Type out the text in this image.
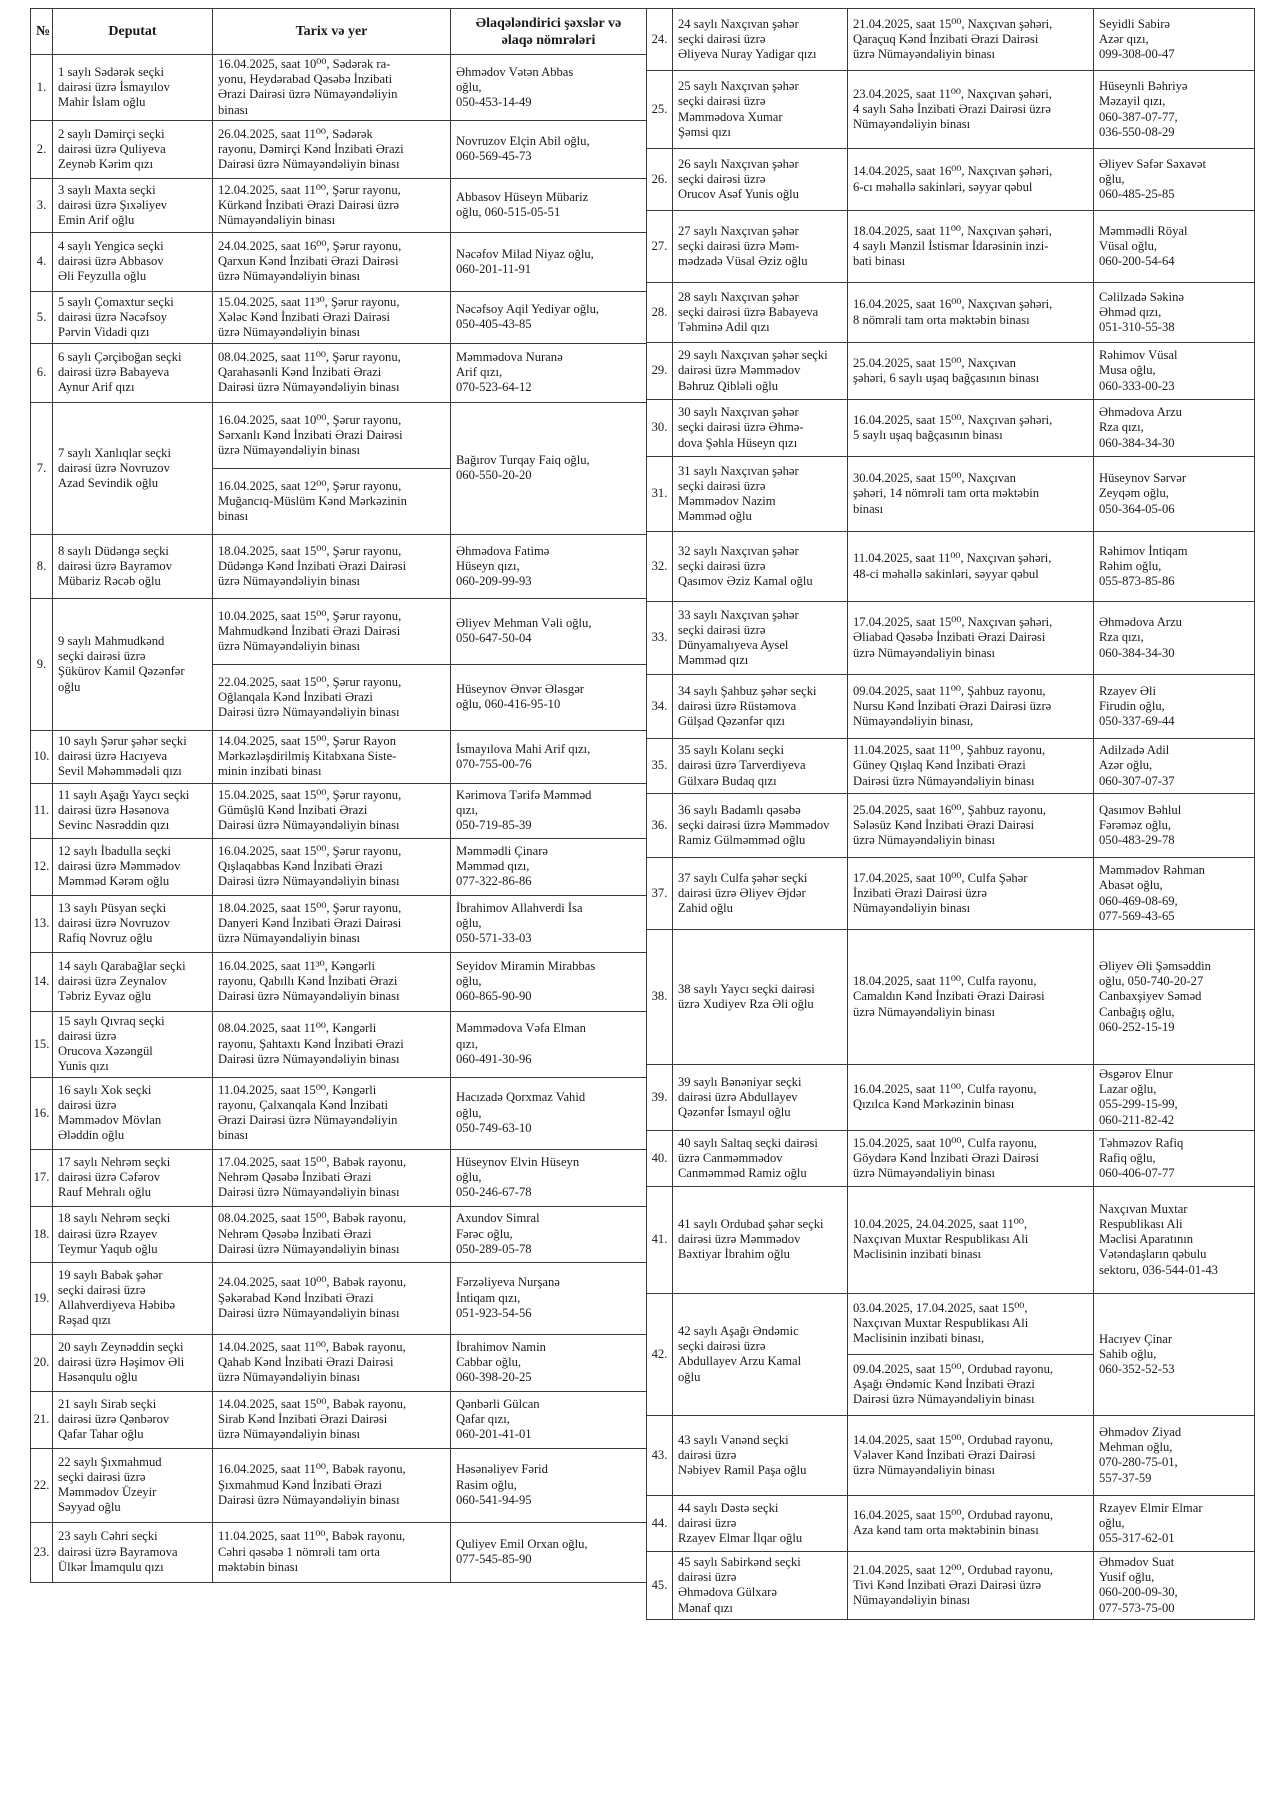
№	Deputat	Tarix və yer	Əlaqələndirici şəxslər və
əlaqə nömrələri
1.	1 saylı Sədərək seçki
dairəsi üzrə İsmayılov
Mahir İslam oğlu	16.04.2025, saat 10⁰⁰, Sədərək ra-
yonu, Heydərabad Qəsəbə İnzibati
Ərazi Dairəsi üzrə Nümayəndəliyin
binası	Əhmədov Vətən Abbas
oğlu,
050-453-14-49
2.	2 saylı Dəmirçi seçki
dairəsi üzrə Quliyeva
Zeynəb Kərim qızı	26.04.2025, saat 11⁰⁰, Sədərək
rayonu, Dəmirçi Kənd İnzibati Ərazi
Dairəsi üzrə Nümayəndəliyin binası	Novruzov Elçin Abil oğlu,
060-569-45-73
3.	3 saylı Maxta seçki
dairəsi üzrə Şıxəliyev
Emin Arif oğlu	12.04.2025, saat 11⁰⁰, Şərur rayonu,
Kürkənd İnzibati Ərazi Dairəsi üzrə
Nümayəndəliyin binası	Abbasov Hüseyn Mübariz
oğlu, 060-515-05-51
4.	4 saylı Yengicə seçki
dairəsi üzrə Abbasov
Əli Feyzulla oğlu	24.04.2025, saat 16⁰⁰, Şərur rayonu,
Qarxun Kənd İnzibati Ərazi Dairəsi
üzrə Nümayəndəliyin binası	Nəcəfov Milad Niyaz oğlu,
060-201-11-91
5.	5 saylı Çomaxtur seçki
dairəsi üzrə Nəcəfsoy
Pərvin Vidadi qızı	15.04.2025, saat 11³⁰, Şərur rayonu,
Xələc Kənd İnzibati Ərazi Dairəsi
üzrə Nümayəndəliyin binası	Nəcəfsoy Aqil Yediyar oğlu,
050-405-43-85
6.	6 saylı Çərçiboğan seçki
dairəsi üzrə Babayeva
Aynur Arif qızı	08.04.2025, saat 11⁰⁰, Şərur rayonu,
Qarahasənli Kənd İnzibati Ərazi
Dairəsi üzrə Nümayəndəliyin binası	Məmmədova Nuranə
Arif qızı,
070-523-64-12
7.	7 saylı Xanlıqlar seçki
dairəsi üzrə Novruzov
Azad Sevindik oğlu	16.04.2025, saat 10⁰⁰, Şərur rayonu,
Sərxanlı Kənd İnzibati Ərazi Dairəsi
üzrə Nümayəndəliyin binası	Bağırov Turqay Faiq oğlu,
060-550-20-20
		16.04.2025, saat 12⁰⁰, Şərur rayonu,
Muğancıq-Müslüm Kənd Mərkəzinin
binası	
8.	8 saylı Düdəngə seçki
dairəsi üzrə Bayramov
Mübariz Rəcəb oğlu	18.04.2025, saat 15⁰⁰, Şərur rayonu,
Düdəngə Kənd İnzibati Ərazi Dairəsi
üzrə Nümayəndəliyin binası	Əhmədova Fatimə
Hüseyn qızı,
060-209-99-93
9.	9 saylı Mahmudkənd
seçki dairəsi üzrə
Şükürov Kamil Qəzənfər
oğlu	10.04.2025, saat 15⁰⁰, Şərur rayonu,
Mahmudkənd İnzibati Ərazi Dairəsi
üzrə Nümayəndəliyin binası	Əliyev Mehman Vəli oğlu,
050-647-50-04
		22.04.2025, saat 15⁰⁰, Şərur rayonu,
Oğlanqala Kənd İnzibati Ərazi
Dairəsi üzrə Nümayəndəliyin binası	Hüseynov Ənvər Ələsgər
oğlu, 060-416-95-10
10.	10 saylı Şərur şəhər seçki
dairəsi üzrə Hacıyeva
Sevil Məhəmmədəli qızı	14.04.2025, saat 15⁰⁰, Şərur Rayon
Mərkəzləşdirilmiş Kitabxana Siste-
minin inzibati binası	İsmayılova Mahi Arif qızı,
070-755-00-76
11.	11 saylı Aşağı Yaycı seçki
dairəsi üzrə Həsənova
Sevinc Nəsrəddin qızı	15.04.2025, saat 15⁰⁰, Şərur rayonu,
Gümüşlü Kənd İnzibati Ərazi
Dairəsi üzrə Nümayəndəliyin binası	Kərimova Tərifə Məmməd
qızı,
050-719-85-39
12.	12 saylı İbadulla seçki
dairəsi üzrə Məmmədov
Məmməd Kərəm oğlu	16.04.2025, saat 15⁰⁰, Şərur rayonu,
Qışlaqabbas Kənd İnzibati Ərazi
Dairəsi üzrə Nümayəndəliyin binası	Məmmədli Çinarə
Məmməd qızı,
077-322-86-86
13.	13 saylı Püsyan seçki
dairəsi üzrə Novruzov
Rafiq Novruz oğlu	18.04.2025, saat 15⁰⁰, Şərur rayonu,
Danyeri Kənd İnzibati Ərazi Dairəsi
üzrə Nümayəndəliyin binası	İbrahimov Allahverdi İsa
oğlu,
050-571-33-03
14.	14 saylı Qarabağlar seçki
dairəsi üzrə Zeynalov
Təbriz Eyvaz oğlu	16.04.2025, saat 11³⁰, Kəngərli
rayonu, Qabıllı Kənd İnzibati Ərazi
Dairəsi üzrə Nümayəndəliyin binası	Seyidov Miramin Mirabbas
oğlu,
060-865-90-90
15.	15 saylı Qıvraq seçki
dairəsi üzrə
Orucova Xəzəngül
Yunis qızı	08.04.2025, saat 11⁰⁰, Kəngərli
rayonu, Şahtaxtı Kənd İnzibati Ərazi
Dairəsi üzrə Nümayəndəliyin binası	Məmmədova Vəfa Elman
qızı,
060-491-30-96
16.	16 saylı Xok seçki
dairəsi üzrə
Məmmədov Mövlan
Ələddin oğlu	11.04.2025, saat 15⁰⁰, Kəngərli
rayonu, Çalxanqala Kənd İnzibati
Ərazi Dairəsi üzrə Nümayəndəliyin
binası	Hacızadə Qorxmaz Vahid
oğlu,
050-749-63-10
17.	17 saylı Nehrəm seçki
dairəsi üzrə Cəfərov
Rauf Mehralı oğlu	17.04.2025, saat 15⁰⁰, Babək rayonu,
Nehrəm Qəsəbə İnzibati Ərazi
Dairəsi üzrə Nümayəndəliyin binası	Hüseynov Elvin Hüseyn
oğlu,
050-246-67-78
18.	18 saylı Nehrəm seçki
dairəsi üzrə Rzayev
Teymur Yaqub oğlu	08.04.2025, saat 15⁰⁰, Babək rayonu,
Nehrəm Qəsəbə İnzibati Ərazi
Dairəsi üzrə Nümayəndəliyin binası	Axundov Simral
Fərəc oğlu,
050-289-05-78
19.	19 saylı Babək şəhər
seçki dairəsi üzrə
Allahverdiyeva Həbibə
Rəşad qızı	24.04.2025, saat 10⁰⁰, Babək rayonu,
Şəkərabad Kənd İnzibati Ərazi
Dairəsi üzrə Nümayəndəliyin binası	Fərzəliyeva Nurşanə
İntiqam qızı,
051-923-54-56
20.	20 saylı Zeynəddin seçki
dairəsi üzrə Həşimov Əli
Həsənqulu oğlu	14.04.2025, saat 11⁰⁰, Babək rayonu,
Qahab Kənd İnzibati Ərazi Dairəsi
üzrə Nümayəndəliyin binası	İbrahimov Namin
Cabbar oğlu,
060-398-20-25
21.	21 saylı Sirab seçki
dairəsi üzrə Qənbərov
Qafar Tahar oğlu	14.04.2025, saat 15⁰⁰, Babək rayonu,
Sirab Kənd İnzibati Ərazi Dairəsi
üzrə Nümayəndəliyin binası	Qənbərli Gülcan
Qafar qızı,
060-201-41-01
22.	22 saylı Şıxmahmud
seçki dairəsi üzrə
Məmmədov Üzeyir
Səyyad oğlu	16.04.2025, saat 11⁰⁰, Babək rayonu,
Şıxmahmud Kənd İnzibati Ərazi
Dairəsi üzrə Nümayəndəliyin binası	Həsənəliyev Fərid
Rasim oğlu,
060-541-94-95
23.	23 saylı Cəhri seçki
dairəsi üzrə Bayramova
Ülkər İmamqulu qızı	11.04.2025, saat 11⁰⁰, Babək rayonu,
Cəhri qəsəbə 1 nömrəli tam orta
məktəbin binası	Quliyev Emil Orxan oğlu,
077-545-85-90
24.	24 saylı Naxçıvan şəhər
seçki dairəsi üzrə
Əliyeva Nuray Yadigar qızı	21.04.2025, saat 15⁰⁰, Naxçıvan şəhəri,
Qaraçuq Kənd İnzibati Ərazi Dairəsi
üzrə Nümayəndəliyin binası	Seyidli Sabirə
Azər qızı,
099-308-00-47
25.	25 saylı Naxçıvan şəhər
seçki dairəsi üzrə
Məmmədova Xumar
Şəmsi qızı	23.04.2025, saat 11⁰⁰, Naxçıvan şəhəri,
4 saylı Sahə İnzibati Ərazi Dairəsi üzrə
Nümayəndəliyin binası	Hüseynli Bəhriyə
Məzayil qızı,
060-387-07-77,
036-550-08-29
26.	26 saylı Naxçıvan şəhər
seçki dairəsi üzrə
Orucov Asəf Yunis oğlu	14.04.2025, saat 16⁰⁰, Naxçıvan şəhəri,
6-cı məhəllə sakinləri, səyyar qəbul	Əliyev Səfər Səxavət
oğlu,
060-485-25-85
27.	27 saylı Naxçıvan şəhər
seçki dairəsi üzrə Məm-
mədzadə Vüsal Əziz oğlu	18.04.2025, saat 11⁰⁰, Naxçıvan şəhəri,
4 saylı Mənzil İstismar İdarəsinin inzi-
bati binası	Məmmədli Röyal
Vüsal oğlu,
060-200-54-64
28.	28 saylı Naxçıvan şəhər
seçki dairəsi üzrə Babayeva
Təhminə Adil qızı	16.04.2025, saat 16⁰⁰, Naxçıvan şəhəri,
8 nömrəli tam orta məktəbin binası	Cəlilzadə Səkinə
Əhməd qızı,
051-310-55-38
29.	29 saylı Naxçıvan şəhər seçki
dairəsi üzrə Məmmədov
Bəhruz Qibləli oğlu	25.04.2025, saat 15⁰⁰, Naxçıvan
şəhəri, 6 saylı uşaq bağçasının binası	Rəhimov Vüsal
Musa oğlu,
060-333-00-23
30.	30 saylı Naxçıvan şəhər
seçki dairəsi üzrə Əhmə-
dova Şəhla Hüseyn qızı	16.04.2025, saat 15⁰⁰, Naxçıvan şəhəri,
5 saylı uşaq bağçasının binası	Əhmədova Arzu
Rza qızı,
060-384-34-30
31.	31 saylı Naxçıvan şəhər
seçki dairəsi üzrə
Məmmədov Nazim
Məmməd oğlu	30.04.2025, saat 15⁰⁰, Naxçıvan
şəhəri, 14 nömrəli tam orta məktəbin
binası	Hüseynov Sərvər
Zeyqəm oğlu,
050-364-05-06
32.	32 saylı Naxçıvan şəhər
seçki dairəsi üzrə
Qasımov Əziz Kamal oğlu	11.04.2025, saat 11⁰⁰, Naxçıvan şəhəri,
48-ci məhəllə sakinləri, səyyar qəbul	Rəhimov İntiqam
Rəhim oğlu,
055-873-85-86
33.	33 saylı Naxçıvan şəhər
seçki dairəsi üzrə
Dünyamalıyeva Aysel
Məmməd qızı	17.04.2025, saat 15⁰⁰, Naxçıvan şəhəri,
Əliabad Qəsəbə İnzibati Ərazi Dairəsi
üzrə Nümayəndəliyin binası	Əhmədova Arzu
Rza qızı,
060-384-34-30
34.	34 saylı Şahbuz şəhər seçki
dairəsi üzrə Rüstəmova
Gülşad Qəzənfər qızı	09.04.2025, saat 11⁰⁰, Şahbuz rayonu,
Nursu Kənd İnzibati Ərazi Dairəsi üzrə
Nümayəndəliyin binası,	Rzayev Əli
Firudin oğlu,
050-337-69-44
35.	35 saylı Kolanı seçki
dairəsi üzrə Tarverdiyeva
Gülxarə Budaq qızı	11.04.2025, saat 11⁰⁰, Şahbuz rayonu,
Güney Qışlaq Kənd İnzibati Ərazi
Dairəsi üzrə Nümayəndəliyin binası	Adilzadə Adil
Azər oğlu,
060-307-07-37
36.	36 saylı Badamlı qəsəbə
seçki dairəsi üzrə Məmmədov
Ramiz Gülməmməd oğlu	25.04.2025, saat 16⁰⁰, Şahbuz rayonu,
Sələsüz Kənd İnzibati Ərazi Dairəsi
üzrə Nümayəndəliyin binası	Qasımov Bəhlul
Fərəməz oğlu,
050-483-29-78
37.	37 saylı Culfa şəhər seçki
dairəsi üzrə Əliyev Əjdər
Zahid oğlu	17.04.2025, saat 10⁰⁰, Culfa Şəhər
İnzibati Ərazi Dairəsi üzrə
Nümayəndəliyin binası	Məmmədov Rəhman
Abasət oğlu,
060-469-08-69,
077-569-43-65
38.	38 saylı Yaycı seçki dairəsi
üzrə Xudiyev Rza Əli oğlu	18.04.2025, saat 11⁰⁰, Culfa rayonu,
Camaldın Kənd İnzibati Ərazi Dairəsi
üzrə Nümayəndəliyin binası	Əliyev Əli Şəmsəddin
oğlu, 050-740-20-27
Canbaxşiyev Səməd
Canbağış oğlu,
060-252-15-19
39.	39 saylı Bənəniyar seçki
dairəsi üzrə Abdullayev
Qəzənfər İsmayıl oğlu	16.04.2025, saat 11⁰⁰, Culfa rayonu,
Qızılca Kənd Mərkəzinin binası	Əsgərov Elnur
Lazar oğlu,
055-299-15-99,
060-211-82-42
40.	40 saylı Saltaq seçki dairəsi
üzrə Canməmmədov
Canməmməd Ramiz oğlu	15.04.2025, saat 10⁰⁰, Culfa rayonu,
Göydərə Kənd İnzibati Ərazi Dairəsi
üzrə Nümayəndəliyin binası	Təhməzov Rafiq
Rafiq oğlu,
060-406-07-77
41.	41 saylı Ordubad şəhər seçki
dairəsi üzrə Məmmədov
Bəxtiyar İbrahim oğlu	10.04.2025, 24.04.2025, saat 11⁰⁰,
Naxçıvan Muxtar Respublikası Ali
Məclisinin inzibati binası	Naxçıvan Muxtar
Respublikası Ali
Məclisi Aparatının
Vətəndaşların qəbulu
sektoru, 036-544-01-43
42.	42 saylı Aşağı Əndəmic
seçki dairəsi üzrə
Abdullayev Arzu Kamal
oğlu	03.04.2025, 17.04.2025, saat 15⁰⁰,
Naxçıvan Muxtar Respublikası Ali
Məclisinin inzibati binası,	Hacıyev Çinar
Sahib oğlu,
060-352-52-53
		09.04.2025, saat 15⁰⁰, Ordubad rayonu,
Aşağı Əndəmic Kənd İnzibati Ərazi
Dairəsi üzrə Nümayəndəliyin binası	
43.	43 saylı Vənənd seçki
dairəsi üzrə
Nəbiyev Ramil Paşa oğlu	14.04.2025, saat 15⁰⁰, Ordubad rayonu,
Vələver Kənd İnzibati Ərazi Dairəsi
üzrə Nümayəndəliyin binası	Əhmədov Ziyad
Mehman oğlu,
070-280-75-01,
557-37-59
44.	44 saylı Dəstə seçki
dairəsi üzrə
Rzayev Elmar İlqar oğlu	16.04.2025, saat 15⁰⁰, Ordubad rayonu,
Aza kənd tam orta məktəbinin binası	Rzayev Elmir Elmar
oğlu,
055-317-62-01
45.	45 saylı Sabirkənd seçki
dairəsi üzrə
Əhmədova Gülxarə
Mənaf qızı	21.04.2025, saat 12⁰⁰, Ordubad rayonu,
Tivi Kənd İnzibati Ərazi Dairəsi üzrə
Nümayəndəliyin binası	Əhmədov Suat
Yusif oğlu,
060-200-09-30,
077-573-75-00
